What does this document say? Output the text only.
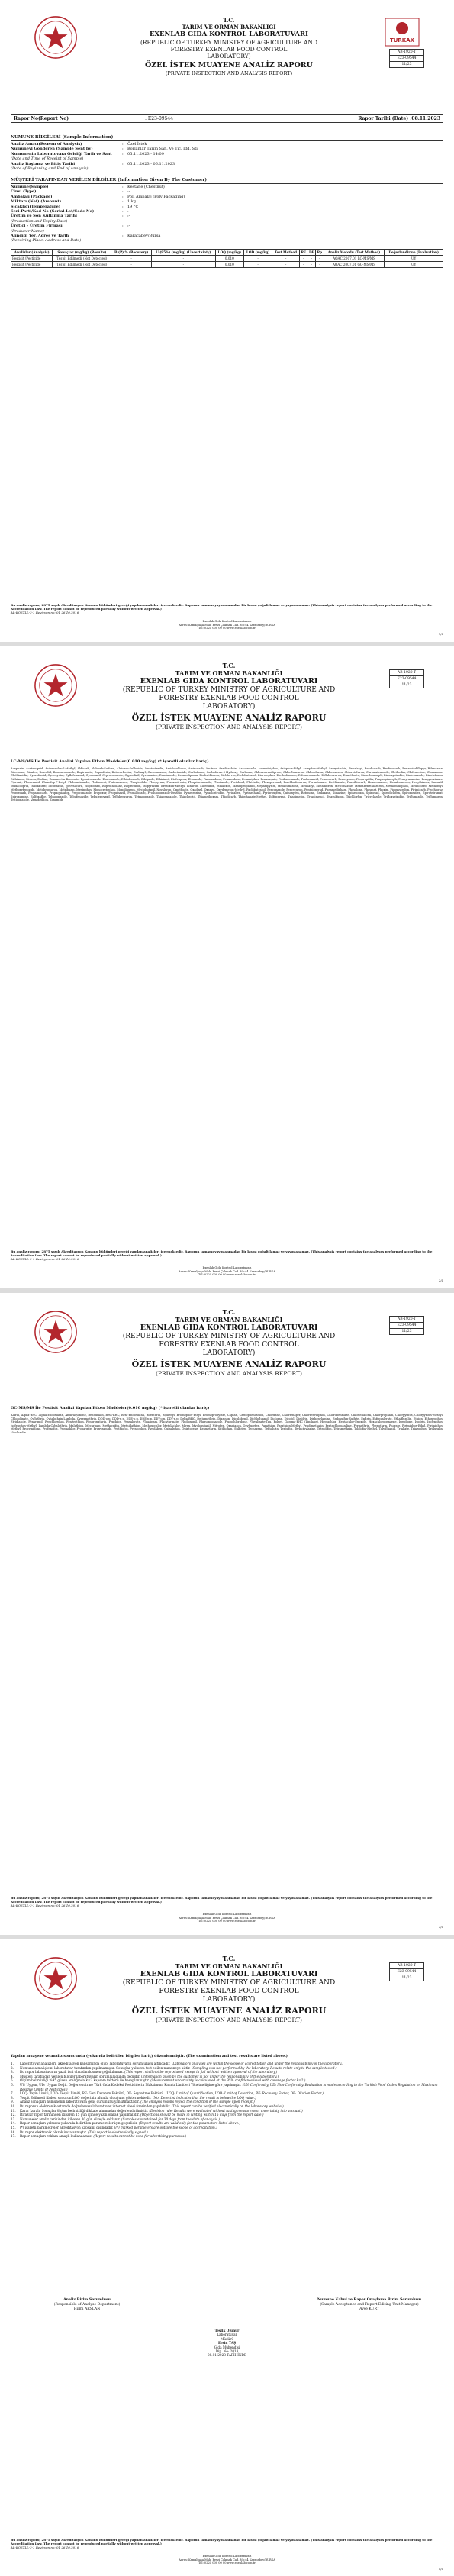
TÜRKAK
AB-1920-T
E23-09544
11/23
T.C.
TARIM VE ORMAN BAKANLIĞI
EXENLAB GIDA KONTROL LABORATUVARI
(REPUBLIC OF TURKEY MINISTRY OF AGRICULTURE AND
FORESTRY EXENLAB FOOD CONTROL
LABORATORY)
ÖZEL İSTEK MUAYENE ANALİZ RAPORU
(PRIVATE INSPECTION AND ANALYSIS REPORT)
Rapor No(Report No)	: E23-09544	Rapor Tarihi (Date) :08.11.2023
NUMUNE BİLGİLERİ (Sample Information)
Analiz Amacı(Reason of Analysis)	: Özel İstek
Numuneyi Gönderen (Sample Sent by)	: Borlanlar Tarım San. Ve Tic. Ltd. Şti.
Numunenin Laboratuvara Geldiği Tarih ve Saat	: 05.11.2023 - 14:09
(Date and Time of Receipt of Sample)
Analiz Başlama ve Bitiş Tarihi	: 05.11.2023 - 06.11.2023
(Date of Beginning and End of Analysis)
MÜŞTERİ TARAFINDAN VERİLEN BİLGİLER (Information Given By The Customer)
Numune(Sample)	: Kestane (Chestnut)
Cinsi (Type)	: :-
Ambalajı (Package)	: Poli Ambalaj (Poly Packaging)
Miktarı (Net) (Amount)	: 1 kg
Sıcaklığı(Temperature)	: 19 °C
Seri-Parti/Kod No (Serial-Lot/Code No)	: :-
Üretim ve Son Kullanma Tarihi	: :-
(Production and Expiry Date)
Üretici - Üretim Firması	: :-
(Producer Name)
Alındığı Yer, Adres ve Tarih	: Karacabey/Bursa
(Receiving Place, Address and Date)
Analizler (Analysis)	Sonuçlar (mg/kg) (Results)	B (P) % (Recovery)	U (95%) (mg/kg) (Uncertainty)	LOQ (mg/kg)	LOD (mg/kg)	Test Method	RF	DF	Rp	Analiz Metodu (Test Method)	Değerlendirme (Evaluation)
Pestisit /Pesticide	Tespit Edilmedi (Not Detected)	-	-	0.010	-	-	-	-	-	AOAC 2007.01 LC-MS/MS	UY
Pestisit /Pesticide	Tespit Edilmedi (Not Detected)	-	-	0.010	-	-	-	-	-	AOAC 2007.01 GC-MS/MS	UY
Bu analiz raporu, 2875 sayılı Akreditasyon Kanunu hükümleri gereği yapılan analizleri içermektedir. Raporun tamamı yayınlanmadan bir kısmı çoğaltılamaz ve yayınlanamaz. (This analysis report contains the analyses performed according to the Accreditation Law. The report cannot be reproduced partially without written approval.)
AL-KOSTLL-2-1 Revizyon no: 01 26.10.2016
Exenlab Gıda Kontrol Laboratuvarı
Adres: Kemalpaşa Mah. Fevzi Çakmak Cad. No:44 Karacabey/BURSA
Tel: 0224 000 00 00 www.exenlab.com.tr
1/4
AB-1920-T
E23-09544
11/23
T.C.
TARIM VE ORMAN BAKANLIĞI
EXENLAB GIDA KONTROL LABORATUVARI
(REPUBLIC OF TURKEY MINISTRY OF AGRICULTURE AND
FORESTRY EXENLAB FOOD CONTROL
LABORATORY)
ÖZEL İSTEK MUAYENE ANALİZ RAPORU
(PRIVATE INSPECTION AND ANALYSIS REPORT)
LC-MS/MS İle Pestisit Analizi Yapılan Etken Maddeler(0.010 mg/kg) (* işaretli olanlar hariç)
Acephate, Acetamiprid, Acibenzolar-S-Methyl, Aldicarb, Aldicarb-Sulfone, Aldicarb-Sulfoxide, Ametoctradin, Amidosulfuron, Aminocarb, Amitraz, Azadirachtin, Azaconazole, Azamethiphos, Azinphos-Ethyl, Azinphos-Methyl, Azoxystrobin, Benalaxyl, Bendiocarb, Benfuracarb, Benzovindiflupyr, Bifenazate, Bitertanol, Bixafen, Boscalid, Bromuconazole, Bupirimate, Buprofezin, Butocarboxim, Carbaryl, Carbendazim, Carbetamide, Carbofuran, Carbofuran-3-Hydroxy, Carboxin, Chlorantraniliprole, Chlorfluazuron, Chloridazon, Chloroxuron, Chlorotoluron, Chromafenozide, Clethodim, Clofentezine, Clomazone, Clothianidin, Cyazofamid, Cycloxydim, Cyflufenamid, Cymoxanil, Cyproconazole, Cyprodinil, Cyromazine, Daminozide, Desmedipham, Diafenthiuron, Dichlorvos, Diclobutrazol, Dicrotophos, Diethofencarb, Difenoconazole, Diflubenzuron, Dimethoate, Dimethomorph, Dimoxystrobin, Diniconazole, Dinotefuran, Dithianon, Diuron, Dodine, Emamectin Benzoate, Epoxiconazole, Etaconazole, Ethiofencarb, Ethiprole, Ethirimol, Etofenprox, Etoxazole, Famoxadone, Fenamidone, Fenamiphos, Fenazaquin, Fenbuconazole, Fenhexamid, Fenobucarb, Fenoxycarb, Fenpropidin, Fenpropimorph, Fenpyrazamine, Fenpyroximate, Fipronil, Flonicamid, Fluazifop-P-Butyl, Flubendiamide, Flufenacet, Flufenoxuron, Fluopicolide, Fluopyram, Fluoxastrobin, Fluquinconazole, Flusilazole, Flutolanil, Flutriafol, Fluxapyroxad, Forchlorfenuron, Formetanate, Fosthiazate, Furathiocarb, Hexaconazole, Hexaflumuron, Hexythiazox, Imazalil, Imidacloprid, Indoxacarb, Ipconazole, Iprovalicarb, Isoprocarb, Isoprothiolane, Isoproturon, Isopyrazam, Kresoxim-Methyl, Linuron, Lufenuron, Malaoxon, Mandipropamid, Mepanipyrim, Metaflumizone, Metalaxyl, Metamitron, Metconazole, Methabenzthiazuron, Methamidophos, Methiocarb, Methomyl, Methoxyfenozide, Metobromuron, Metribuzin, Mevinphos, Monocrotophos, Monolinuron, Myclobutanil, Novaluron, Omethoate, Oxadixyl, Oxamyl, Oxydemeton-Methyl, Paclobutrazol, Penconazole, Pencycuron, Penthiopyrad, Phenmedipham, Phosalone, Phosmet, Phoxim, Picoxystrobin, Pirimicarb, Prochloraz, Promecarb, Propamocarb, Propaquizafop, Propiconazole, Propoxur, Proquinazid, Prosulfocarb, Prothioconazole-Desthio, Pymetrozine, Pyraclostrobin, Pyridaben, Pyrimethanil, Pyriproxyfen, Quinoxyfen, Rotenone, Sedaxane, Simazine, Spinetoram, Spinosad, Spirodiclofen, Spiromesifen, Spirotetramat, Spiroxamine, Sulfoxaflor, Tebuconazole, Tebufenozide, Tebufenpyrad, Teflubenzuron, Tetraconazole, Thiabendazole, Thiacloprid, Thiamethoxam, Thiodicarb, Thiophanate-Methyl, Tolfenpyrad, Triadimefon, Triadimenol, Triasulfuron, Trichlorfon, Tricyclazole, Trifloxystrobin, Triflumizole, Triflumuron, Triticonazole, Vamidothion, Zoxamide
Bu analiz raporu, 2875 sayılı Akreditasyon Kanunu hükümleri gereği yapılan analizleri içermektedir. Raporun tamamı yayınlanmadan bir kısmı çoğaltılamaz ve yayınlanamaz. (This analysis report contains the analyses performed according to the Accreditation Law. The report cannot be reproduced partially without written approval.)
AL-KOSTLL-2-1 Revizyon no: 01 26.10.2016
Exenlab Gıda Kontrol Laboratuvarı
Adres: Kemalpaşa Mah. Fevzi Çakmak Cad. No:44 Karacabey/BURSA
Tel: 0224 000 00 00 www.exenlab.com.tr
2/4
AB-1920-T
E23-09544
11/23
T.C.
TARIM VE ORMAN BAKANLIĞI
EXENLAB GIDA KONTROL LABORATUVARI
(REPUBLIC OF TURKEY MINISTRY OF AGRICULTURE AND
FORESTRY EXENLAB FOOD CONTROL
LABORATORY)
ÖZEL İSTEK MUAYENE ANALİZ RAPORU
(PRIVATE INSPECTION AND ANALYSIS REPORT)
GC-MS/MS İle Pestisit Analizi Yapılan Etken Maddeler(0.010 mg/kg) (* işaretli olanlar hariç)
Aldrin, Alpha-BHC, Alpha-Endosulfan, Anthraquinone, Benfluralin, Beta-BHC, Beta-Endosulfan, Bifenthrin, Biphenyl, Bromophos-Ethyl, Bromopropylate, Captan, Carbophenothion, Chlordane, Chlorfenapyr, Chlorfenvinphos, Chlorobenzilate, Chlorothalonil, Chlorpropham, Chlorpyrifos, Chlorpyrifos-Methyl, Chlozolinate, Cyfluthrin, Cyhalothrin-Lambda, Cypermethrin, DDD-o,p, DDD-p,p, DDE-o,p, DDE-p,p, DDT-o,p, DDT-p,p, Delta-BHC, Deltamethrin, Diazinon, Dichlobenil, Dichlofluanid, Dicloran, Dicofol, Dieldrin, Diphenylamine, Endosulfan-Sulfate, Endrin, Esfenvalerate, Ethalfluralin, Ethion, Ethoprophos, Etridiazole, Fenarimol, Fenchlorphos, Fenitrothion, Fenpropathrin, Fenthion, Fenvalerate, Fluazinam, Flucythrinate, Fludioxonil, Fluquinconazole, Flurochloridone, Fluvalinate-Tau, Folpet, Gamma-BHC (Lindane), Heptachlor, Heptachlor-Epoxide, Hexachlorobenzene, Iprodione, Isodrin, Isofenphos, Isofenphos-Methyl, Lambda-Cyhalothrin, Malathion, Mecarbam, Methacrifos, Methidathion, Methoxychlor, Metolachlor, Mirex, Myclobutanil, Nitrofen, Oxadiazon, Oxyfluorfen, Parathion, Parathion-Methyl, Pendimethalin, Pentachloroaniline, Permethrin, Phenothrin, Phorate, Pirimiphos-Ethyl, Pirimiphos-Methyl, Procymidone, Profenofos, Propachlor, Propargite, Propyzamide, Prothiofos, Pyrazophos, Pyridaben, Quinalphos, Quintozene, Resmethrin, Silthiofam, Sulfotep, Tecnazene, Tefluthrin, Terbufos, Terbuthylazine, Tetradifon, Tetramethrin, Tolclofos-Methyl, Tolylfluanid, Triallate, Triazophos, Trifluralin, Vinclozolin
Bu analiz raporu, 2875 sayılı Akreditasyon Kanunu hükümleri gereği yapılan analizleri içermektedir. Raporun tamamı yayınlanmadan bir kısmı çoğaltılamaz ve yayınlanamaz. (This analysis report contains the analyses performed according to the Accreditation Law. The report cannot be reproduced partially without written approval.)
AL-KOSTLL-2-1 Revizyon no: 01 26.10.2016
Exenlab Gıda Kontrol Laboratuvarı
Adres: Kemalpaşa Mah. Fevzi Çakmak Cad. No:44 Karacabey/BURSA
Tel: 0224 000 00 00 www.exenlab.com.tr
3/4
AB-1920-T
E23-09544
11/23
T.C.
TARIM VE ORMAN BAKANLIĞI
EXENLAB GIDA KONTROL LABORATUVARI
(REPUBLIC OF TURKEY MINISTRY OF AGRICULTURE AND
FORESTRY EXENLAB FOOD CONTROL
LABORATORY)
ÖZEL İSTEK MUAYENE ANALİZ RAPORU
(PRIVATE INSPECTION AND ANALYSIS REPORT)
Yapılan muayene ve analiz sonucunda (yukarıda belirtilen bilgiler hariç) düzenlenmiştir. (The examination and test results are listed above.)
1. Laboratuvar analizleri, akreditasyon kapsamında olup, laboratuvarın sorumluluğu altındadır. (Laboratory analyses are within the scope of accreditation and under the responsibility of the laboratory.)
2. Numune alma işlemi laboratuvar tarafından yapılmamıştır. Sonuçlar yalnızca test edilen numuneye aittir. (Sampling was not performed by the laboratory. Results relate only to the sample tested.)
3. Bu rapor laboratuvarın yazılı izni olmadan kısmen çoğaltılamaz. (This report shall not be reproduced except in full without written approval of the laboratory.)
4. Müşteri tarafından verilen bilgiler laboratuvarın sorumluluğunda değildir. (Information given by the customer is not under the responsibility of the laboratory.)
5. Ölçüm belirsizliği %95 güven aralığında k=2 kapsam faktörü ile hesaplanmıştır. (Measurement uncertainty is calculated at the 95% confidence level with coverage factor k=2.)
6. UY: Uygun, UD: Uygun Değil. Değerlendirme Türk Gıda Kodeksi Pestisitlerin Maksimum Kalıntı Limitleri Yönetmeliğine göre yapılmıştır. (UY: Conformity, UD: Non-Conformity. Evaluation is made according to the Turkish Food Codex Regulation on Maximum Residue Limits of Pesticides.)
7. LOQ: Tayin Limiti, LOD: Tespit Limiti, RF: Geri Kazanım Faktörü, DF: Seyreltme Faktörü. (LOQ: Limit of Quantification, LOD: Limit of Detection, RF: Recovery Factor, DF: Dilution Factor.)
8. Tespit Edilmedi ifadesi sonucun LOQ değerinin altında olduğunu göstermektedir. (Not Detected indicates that the result is below the LOQ value.)
9. Analiz sonuçları numunenin laboratuvara geliş durumunu yansıtmaktadır. (The analysis results reflect the condition of the sample upon receipt.)
10. Bu raporun elektronik ortamda doğrulaması laboratuvar internet sitesi üzerinden yapılabilir. (This report can be verified electronically on the laboratory website.)
11. Karar kuralı: Sonuçlar ölçüm belirsizliği dikkate alınmadan değerlendirilmiştir. (Decision rule: Results were evaluated without taking measurement uncertainty into account.)
12. İtirazlar rapor tarihinden itibaren 15 gün içinde yazılı olarak yapılmalıdır. (Objections should be made in writing within 15 days from the report date.)
13. Numuneler analiz tarihinden itibaren 30 gün süreyle saklanır. (Samples are retained for 30 days from the date of analysis.)
14. Rapor sonuçları yalnızca yukarıda belirtilen parametreler için geçerlidir. (Report results are valid only for the parameters listed above.)
15. (*) işaretli parametreler akreditasyon kapsamı dışındadır. ((*) marked parameters are outside the scope of accreditation.)
16. Bu rapor elektronik olarak imzalanmıştır. (This report is electronically signed.)
17. Rapor sonuçları reklam amaçlı kullanılamaz. (Report results cannot be used for advertising purposes.)
Analiz Birim Sorumlusu
(Responsible of Analyse Department)
Hilmi ARSLAN
Numune Kabul ve Rapor Onaylama Birim Sorumlusu
(Sample Acceptance and Report Editing Unit Manager)
Ayşe KURT
Teslik Olunur
Laboratuvar
Müdürü
Ersin TAŞ
Gıda Mühendisi
Dip. No: 2018
08.11.2023 TARİHİNDE
Bu analiz raporu, 2875 sayılı Akreditasyon Kanunu hükümleri gereği yapılan analizleri içermektedir. Raporun tamamı yayınlanmadan bir kısmı çoğaltılamaz ve yayınlanamaz. (This analysis report contains the analyses performed according to the Accreditation Law. The report cannot be reproduced partially without written approval.)
AL-KOSTLL-2-1 Revizyon no: 01 26.10.2016
Exenlab Gıda Kontrol Laboratuvarı
Adres: Kemalpaşa Mah. Fevzi Çakmak Cad. No:44 Karacabey/BURSA
Tel: 0224 000 00 00 www.exenlab.com.tr
4/4
